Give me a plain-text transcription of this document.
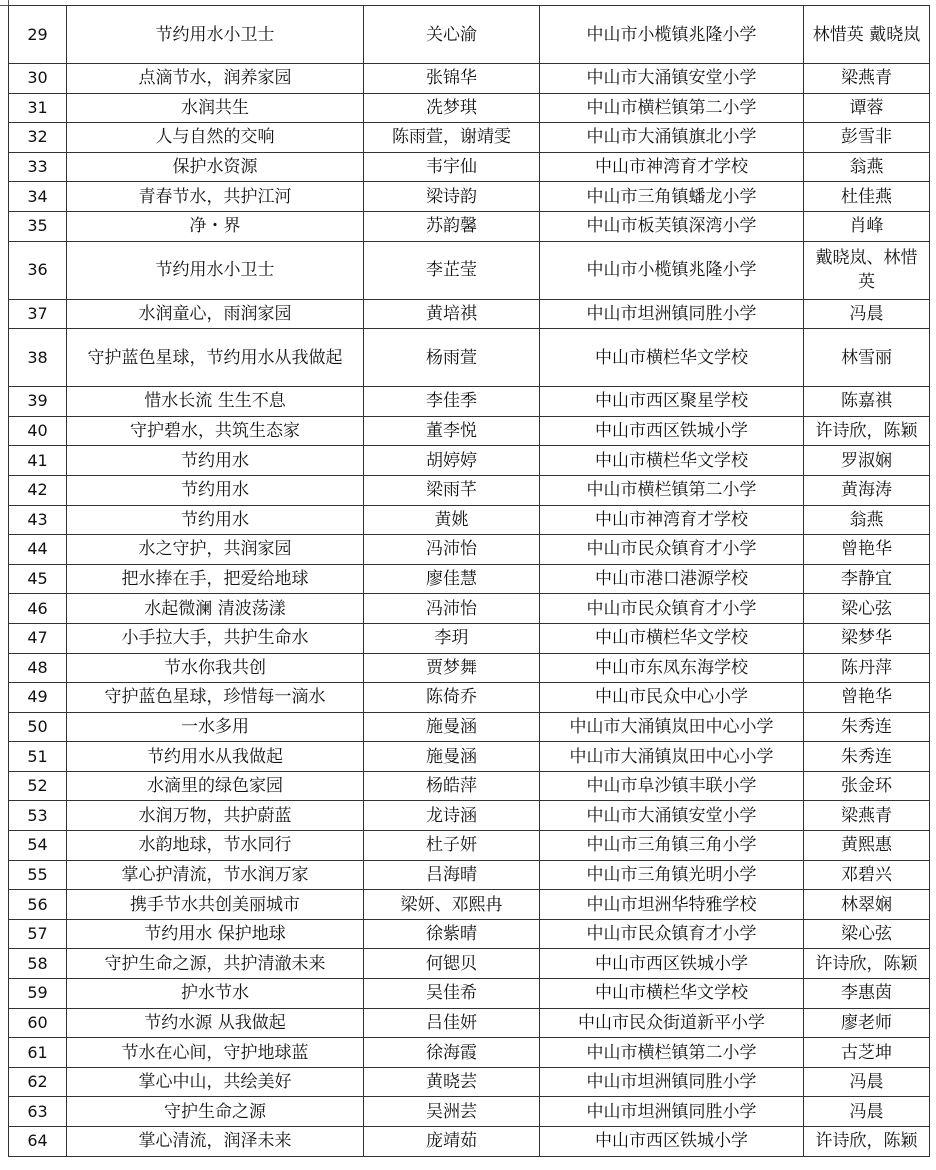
29	节约用水小卫士	关心渝	中山市小榄镇兆隆小学	林惜英 戴晓岚
30	点滴节水，润养家园	张锦华	中山市大涌镇安堂小学	梁燕青
31	水润共生	冼梦琪	中山市横栏镇第二小学	谭蓉
32	人与自然的交响	陈雨萱，谢靖雯	中山市大涌镇旗北小学	彭雪非
33	保护水资源	韦宇仙	中山市神湾育才学校	翁燕
34	青春节水，共护江河	梁诗韵	中山市三角镇蟠龙小学	杜佳燕
35	净・界	苏韵馨	中山市板芙镇深湾小学	肖峰
36	节约用水小卫士	李芷莹	中山市小榄镇兆隆小学	戴晓岚、林惜英
37	水润童心，雨润家园	黄培祺	中山市坦洲镇同胜小学	冯晨
38	守护蓝色星球，节约用水从我做起	杨雨萱	中山市横栏华文学校	林雪丽
39	惜水长流 生生不息	李佳季	中山市西区聚星学校	陈嘉祺
40	守护碧水，共筑生态家	董李悦	中山市西区铁城小学	许诗欣，陈颖
41	节约用水	胡婷婷	中山市横栏华文学校	罗淑娴
42	节约用水	梁雨芊	中山市横栏镇第二小学	黄海涛
43	节约用水	黄姚	中山市神湾育才学校	翁燕
44	水之守护，共润家园	冯沛怡	中山市民众镇育才小学	曾艳华
45	把水捧在手，把爱给地球	廖佳慧	中山市港口港源学校	李静宜
46	水起微澜 清波荡漾	冯沛怡	中山市民众镇育才小学	梁心弦
47	小手拉大手，共护生命水	李玥	中山市横栏华文学校	梁梦华
48	节水你我共创	贾梦舞	中山市东凤东海学校	陈丹萍
49	守护蓝色星球，珍惜每一滴水	陈倚乔	中山市民众中心小学	曾艳华
50	一水多用	施曼涵	中山市大涌镇岚田中心小学	朱秀连
51	节约用水从我做起	施曼涵	中山市大涌镇岚田中心小学	朱秀连
52	水滴里的绿色家园	杨皓萍	中山市阜沙镇丰联小学	张金环
53	水润万物，共护蔚蓝	龙诗涵	中山市大涌镇安堂小学	梁燕青
54	水韵地球，节水同行	杜子妍	中山市三角镇三角小学	黄熙惠
55	掌心护清流，节水润万家	吕海晴	中山市三角镇光明小学	邓碧兴
56	携手节水共创美丽城市	梁妍、邓熙冉	中山市坦洲华特雅学校	林翠娴
57	节约用水 保护地球	徐紫晴	中山市民众镇育才小学	梁心弦
58	守护生命之源，共护清澈未来	何锶贝	中山市西区铁城小学	许诗欣，陈颖
59	护水节水	吴佳希	中山市横栏华文学校	李惠茵
60	节约水源 从我做起	吕佳妍	中山市民众街道新平小学	廖老师
61	节水在心间，守护地球蓝	徐海霞	中山市横栏镇第二小学	古芝坤
62	掌心中山，共绘美好	黄晓芸	中山市坦洲镇同胜小学	冯晨
63	守护生命之源	吴洲芸	中山市坦洲镇同胜小学	冯晨
64	掌心清流，润泽未来	庞靖茹	中山市西区铁城小学	许诗欣，陈颖
